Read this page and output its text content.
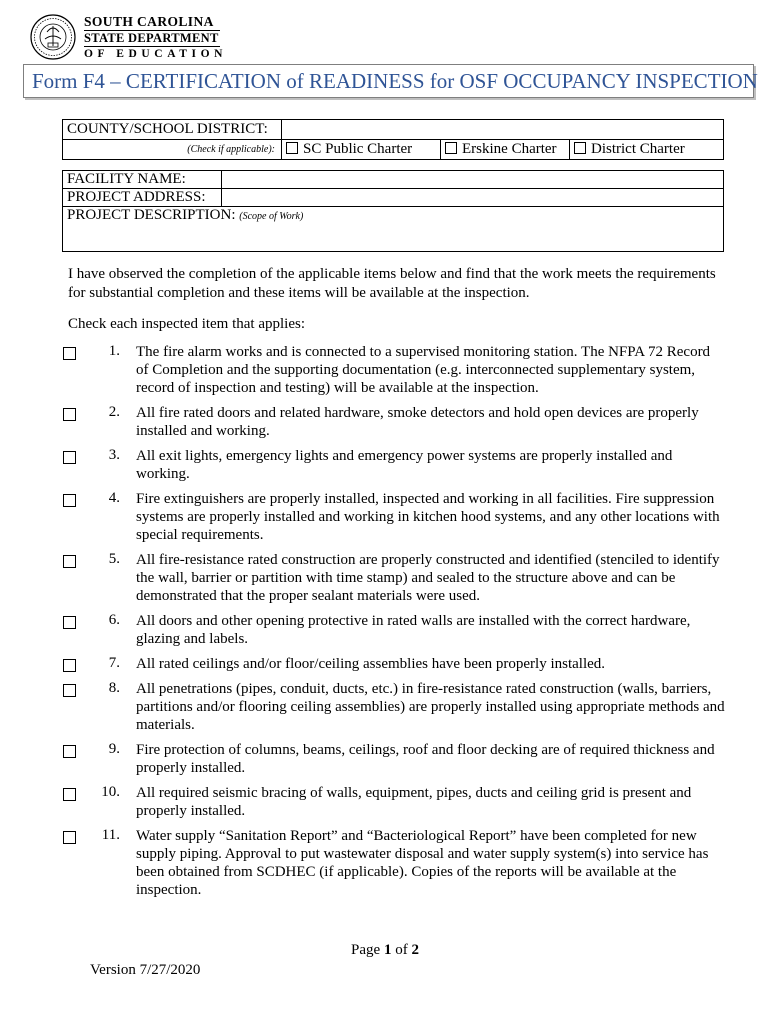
SOUTH CAROLINA
STATE DEPARTMENT
OF EDUCATION
Form F4 – CERTIFICATION of READINESS for OSF OCCUPANCY INSPECTION
COUNTY/SCHOOL DISTRICT:			
(Check if applicable):	SC Public Charter	Erskine Charter	District Charter
FACILITY NAME:	
PROJECT ADDRESS:	
PROJECT DESCRIPTION: (Scope of Work)	
I have observed the completion of the applicable items below and find that the work meets the requirements for substantial completion and these items will be available at the inspection.
Check each inspected item that applies:
1. The fire alarm works and is connected to a supervised monitoring station. The NFPA 72 Record of Completion and the supporting documentation (e.g. interconnected supplementary system, record of inspection and testing) will be available at the inspection.
2. All fire rated doors and related hardware, smoke detectors and hold open devices are properly installed and working.
3. All exit lights, emergency lights and emergency power systems are properly installed and working.
4. Fire extinguishers are properly installed, inspected and working in all facilities. Fire suppression systems are properly installed and working in kitchen hood systems, and any other locations with special requirements.
5. All fire-resistance rated construction are properly constructed and identified (stenciled to identify the wall, barrier or partition with time stamp) and sealed to the structure above and can be demonstrated that the proper sealant materials were used.
6. All doors and other opening protective in rated walls are installed with the correct hardware, glazing and labels.
7. All rated ceilings and/or floor/ceiling assemblies have been properly installed.
8. All penetrations (pipes, conduit, ducts, etc.) in fire-resistance rated construction (walls, barriers, partitions and/or flooring ceiling assemblies) are properly installed using appropriate methods and materials.
9. Fire protection of columns, beams, ceilings, roof and floor decking are of required thickness and properly installed.
10. All required seismic bracing of walls, equipment, pipes, ducts and ceiling grid is present and properly installed.
11. Water supply “Sanitation Report” and “Bacteriological Report” have been completed for new supply piping. Approval to put wastewater disposal and water supply system(s) into service has been obtained from SCDHEC (if applicable). Copies of the reports will be available at the inspection.
Page 1 of 2
Version 7/27/2020
